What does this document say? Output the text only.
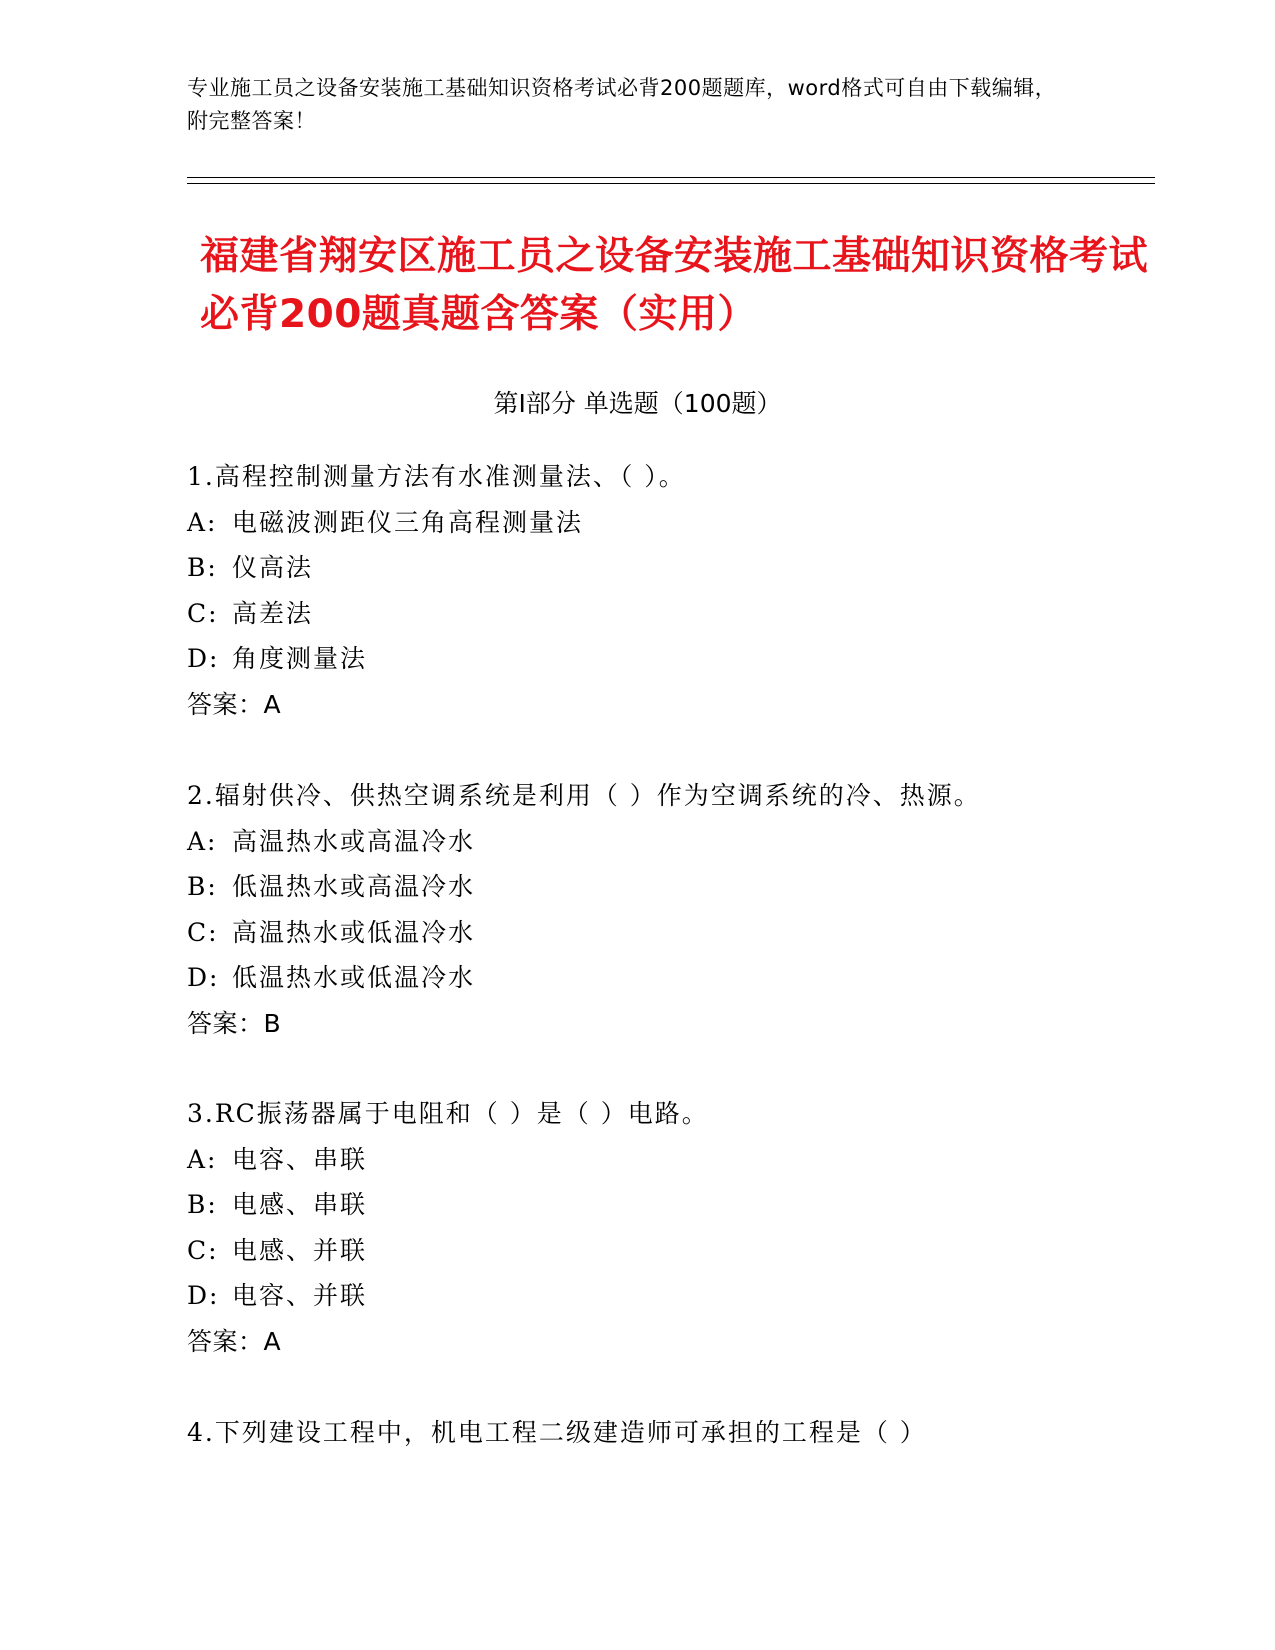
专业施工员之设备安装施工基础知识资格考试必背200题题库，word格式可自由下载编辑，附完整答案！
福建省翔安区施工员之设备安装施工基础知识资格考试必背200题真题含答案（实用）
第I部分 单选题（100题）
1.高程控制测量方法有水准测量法、（ ）。
A: 电磁波测距仪三角高程测量法
B: 仪高法
C: 高差法
D: 角度测量法
答案：A
2.辐射供冷、供热空调系统是利用（ ）作为空调系统的冷、热源。
A: 高温热水或高温冷水
B: 低温热水或高温冷水
C: 高温热水或低温冷水
D: 低温热水或低温冷水
答案：B
3.RC振荡器属于电阻和（ ）是（ ）电路。
A: 电容、串联
B: 电感、串联
C: 电感、并联
D: 电容、并联
答案：A
4.下列建设工程中，机电工程二级建造师可承担的工程是（ ）
